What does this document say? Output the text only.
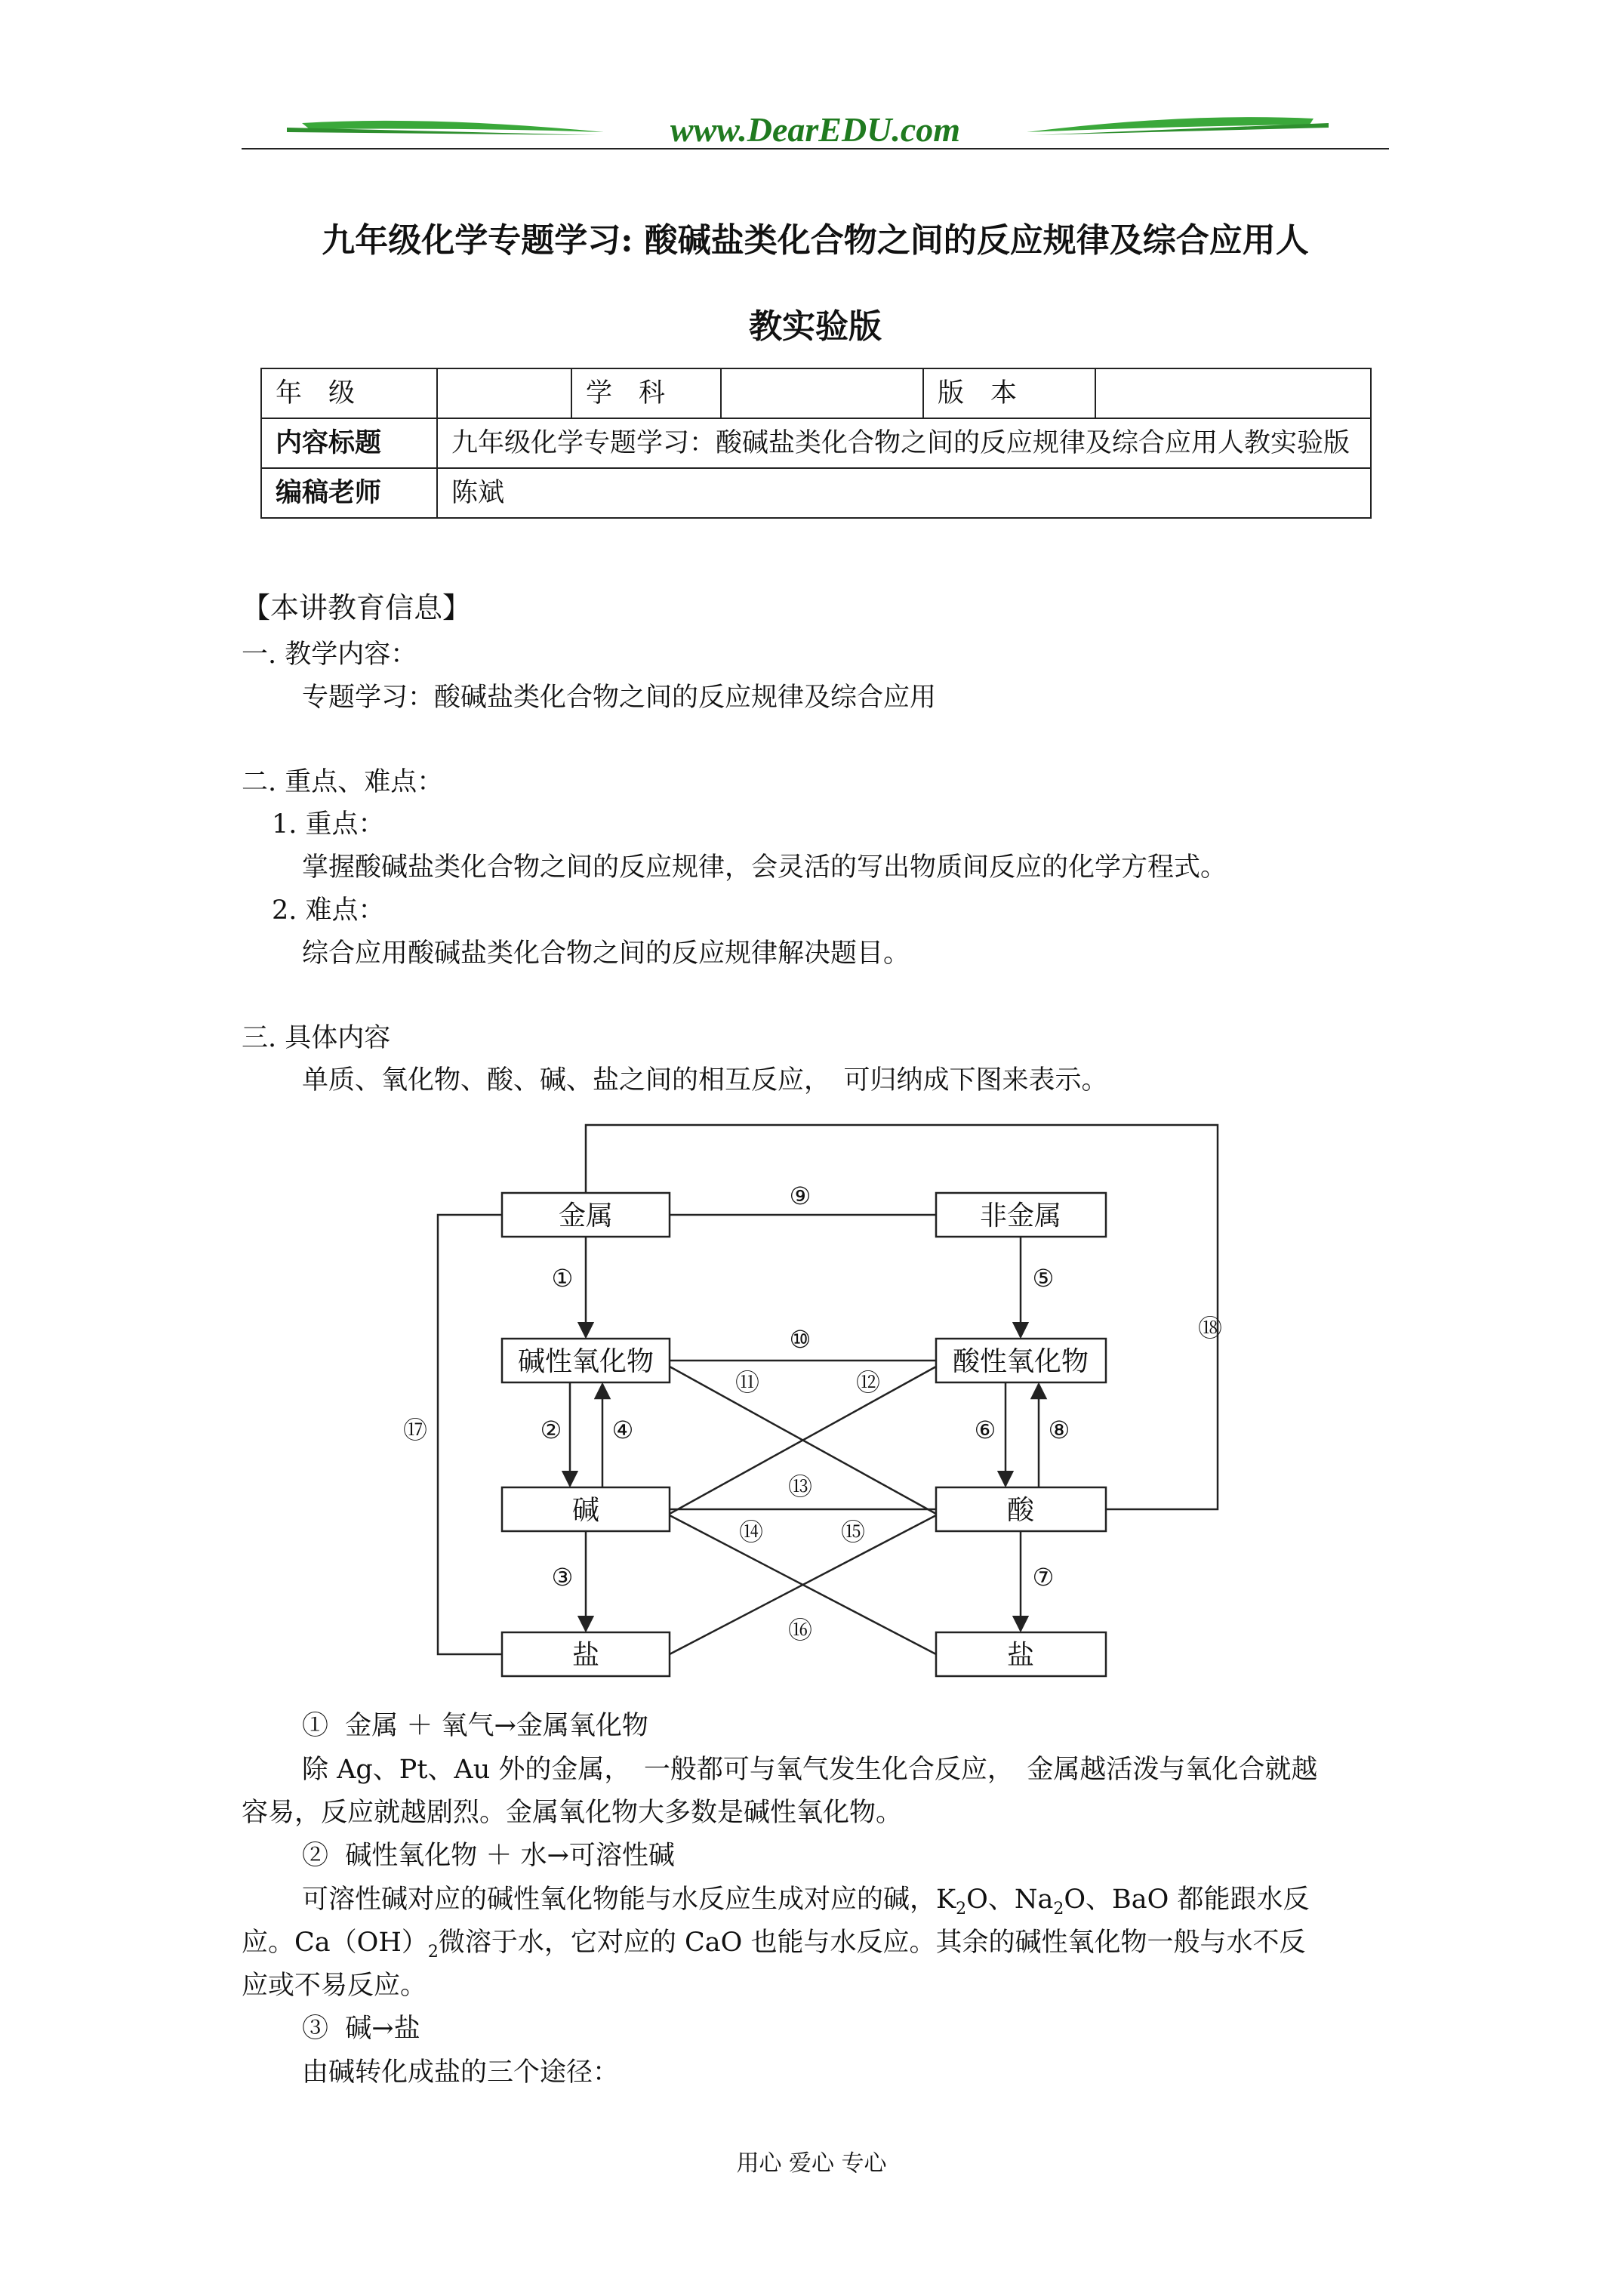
www.DearEDU.com
九年级化学专题学习: 酸碱盐类化合物之间的反应规律及综合应用人
教实验版
年　级		学　科		版　本	
内容标题	九年级化学专题学习：酸碱盐类化合物之间的反应规律及综合应用人教实验版				
编稿老师	陈斌				
【本讲教育信息】
一. 教学内容：
专题学习：酸碱盐类化合物之间的反应规律及综合应用
二. 重点、难点：
1. 重点：
掌握酸碱盐类化合物之间的反应规律，会灵活的写出物质间反应的化学方程式。
2. 难点：
综合应用酸碱盐类化合物之间的反应规律解决题目。
三. 具体内容
单质、氧化物、酸、碱、盐之间的相互反应，　可归纳成下图来表示。
金属	非金属
碱性氧化物	酸性氧化物
碱	酸
盐	盐
①
②
③
④
⑤
⑥
⑦
⑧
⑨
⑩
⑪	⑫
⑬
⑭	⑮
⑯
⑰
⑱
① 金属 ＋ 氧气→金属氧化物
除 Ag、Pt、Au 外的金属，　一般都可与氧气发生化合反应，　金属越活泼与氧化合就越
容易，反应就越剧烈。金属氧化物大多数是碱性氧化物。
② 碱性氧化物 ＋ 水→可溶性碱
可溶性碱对应的碱性氧化物能与水反应生成对应的碱，$K_2O$、$Na_2O$、BaO 都能跟水反
应。$Ca(OH)_2$微溶于水，它对应的 CaO 也能与水反应。其余的碱性氧化物一般与水不反
应或不易反应。
③ 碱→盐
由碱转化成盐的三个途径：
用心 爱心 专心
